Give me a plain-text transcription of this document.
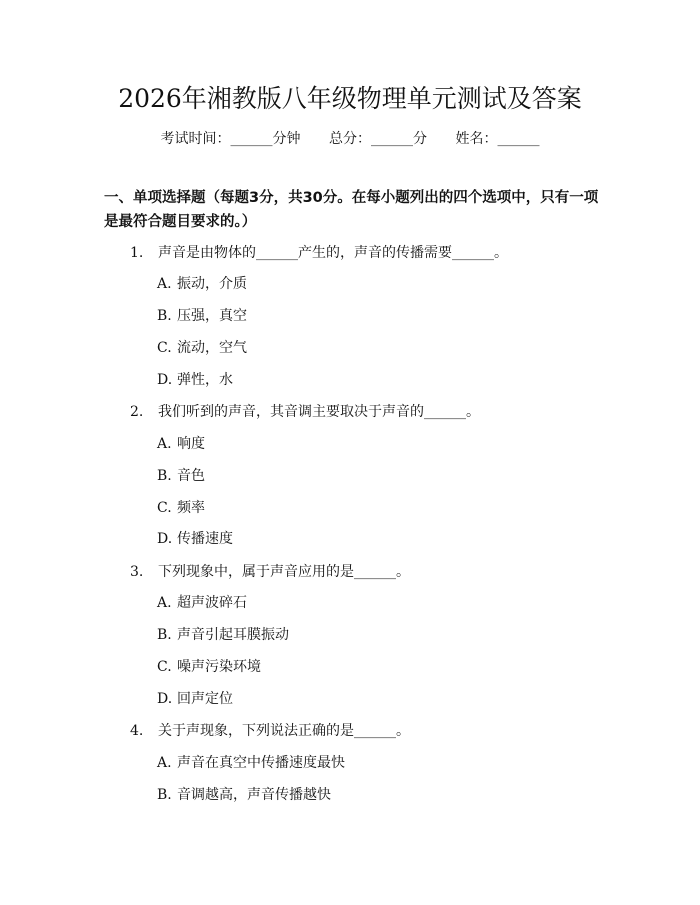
2026年湘教版八年级物理单元测试及答案
考试时间：______分钟 总分：______分 姓名：______
一、单项选择题（每题3分，共30分。在每小题列出的四个选项中，只有一项是最符合题目要求的。）
1. 声音是由物体的______产生的，声音的传播需要______。
A. 振动，介质
B. 压强，真空
C. 流动，空气
D. 弹性，水
2. 我们听到的声音，其音调主要取决于声音的______。
A. 响度
B. 音色
C. 频率
D. 传播速度
3. 下列现象中，属于声音应用的是______。
A. 超声波碎石
B. 声音引起耳膜振动
C. 噪声污染环境
D. 回声定位
4. 关于声现象，下列说法正确的是______。
A. 声音在真空中传播速度最快
B. 音调越高，声音传播越快
